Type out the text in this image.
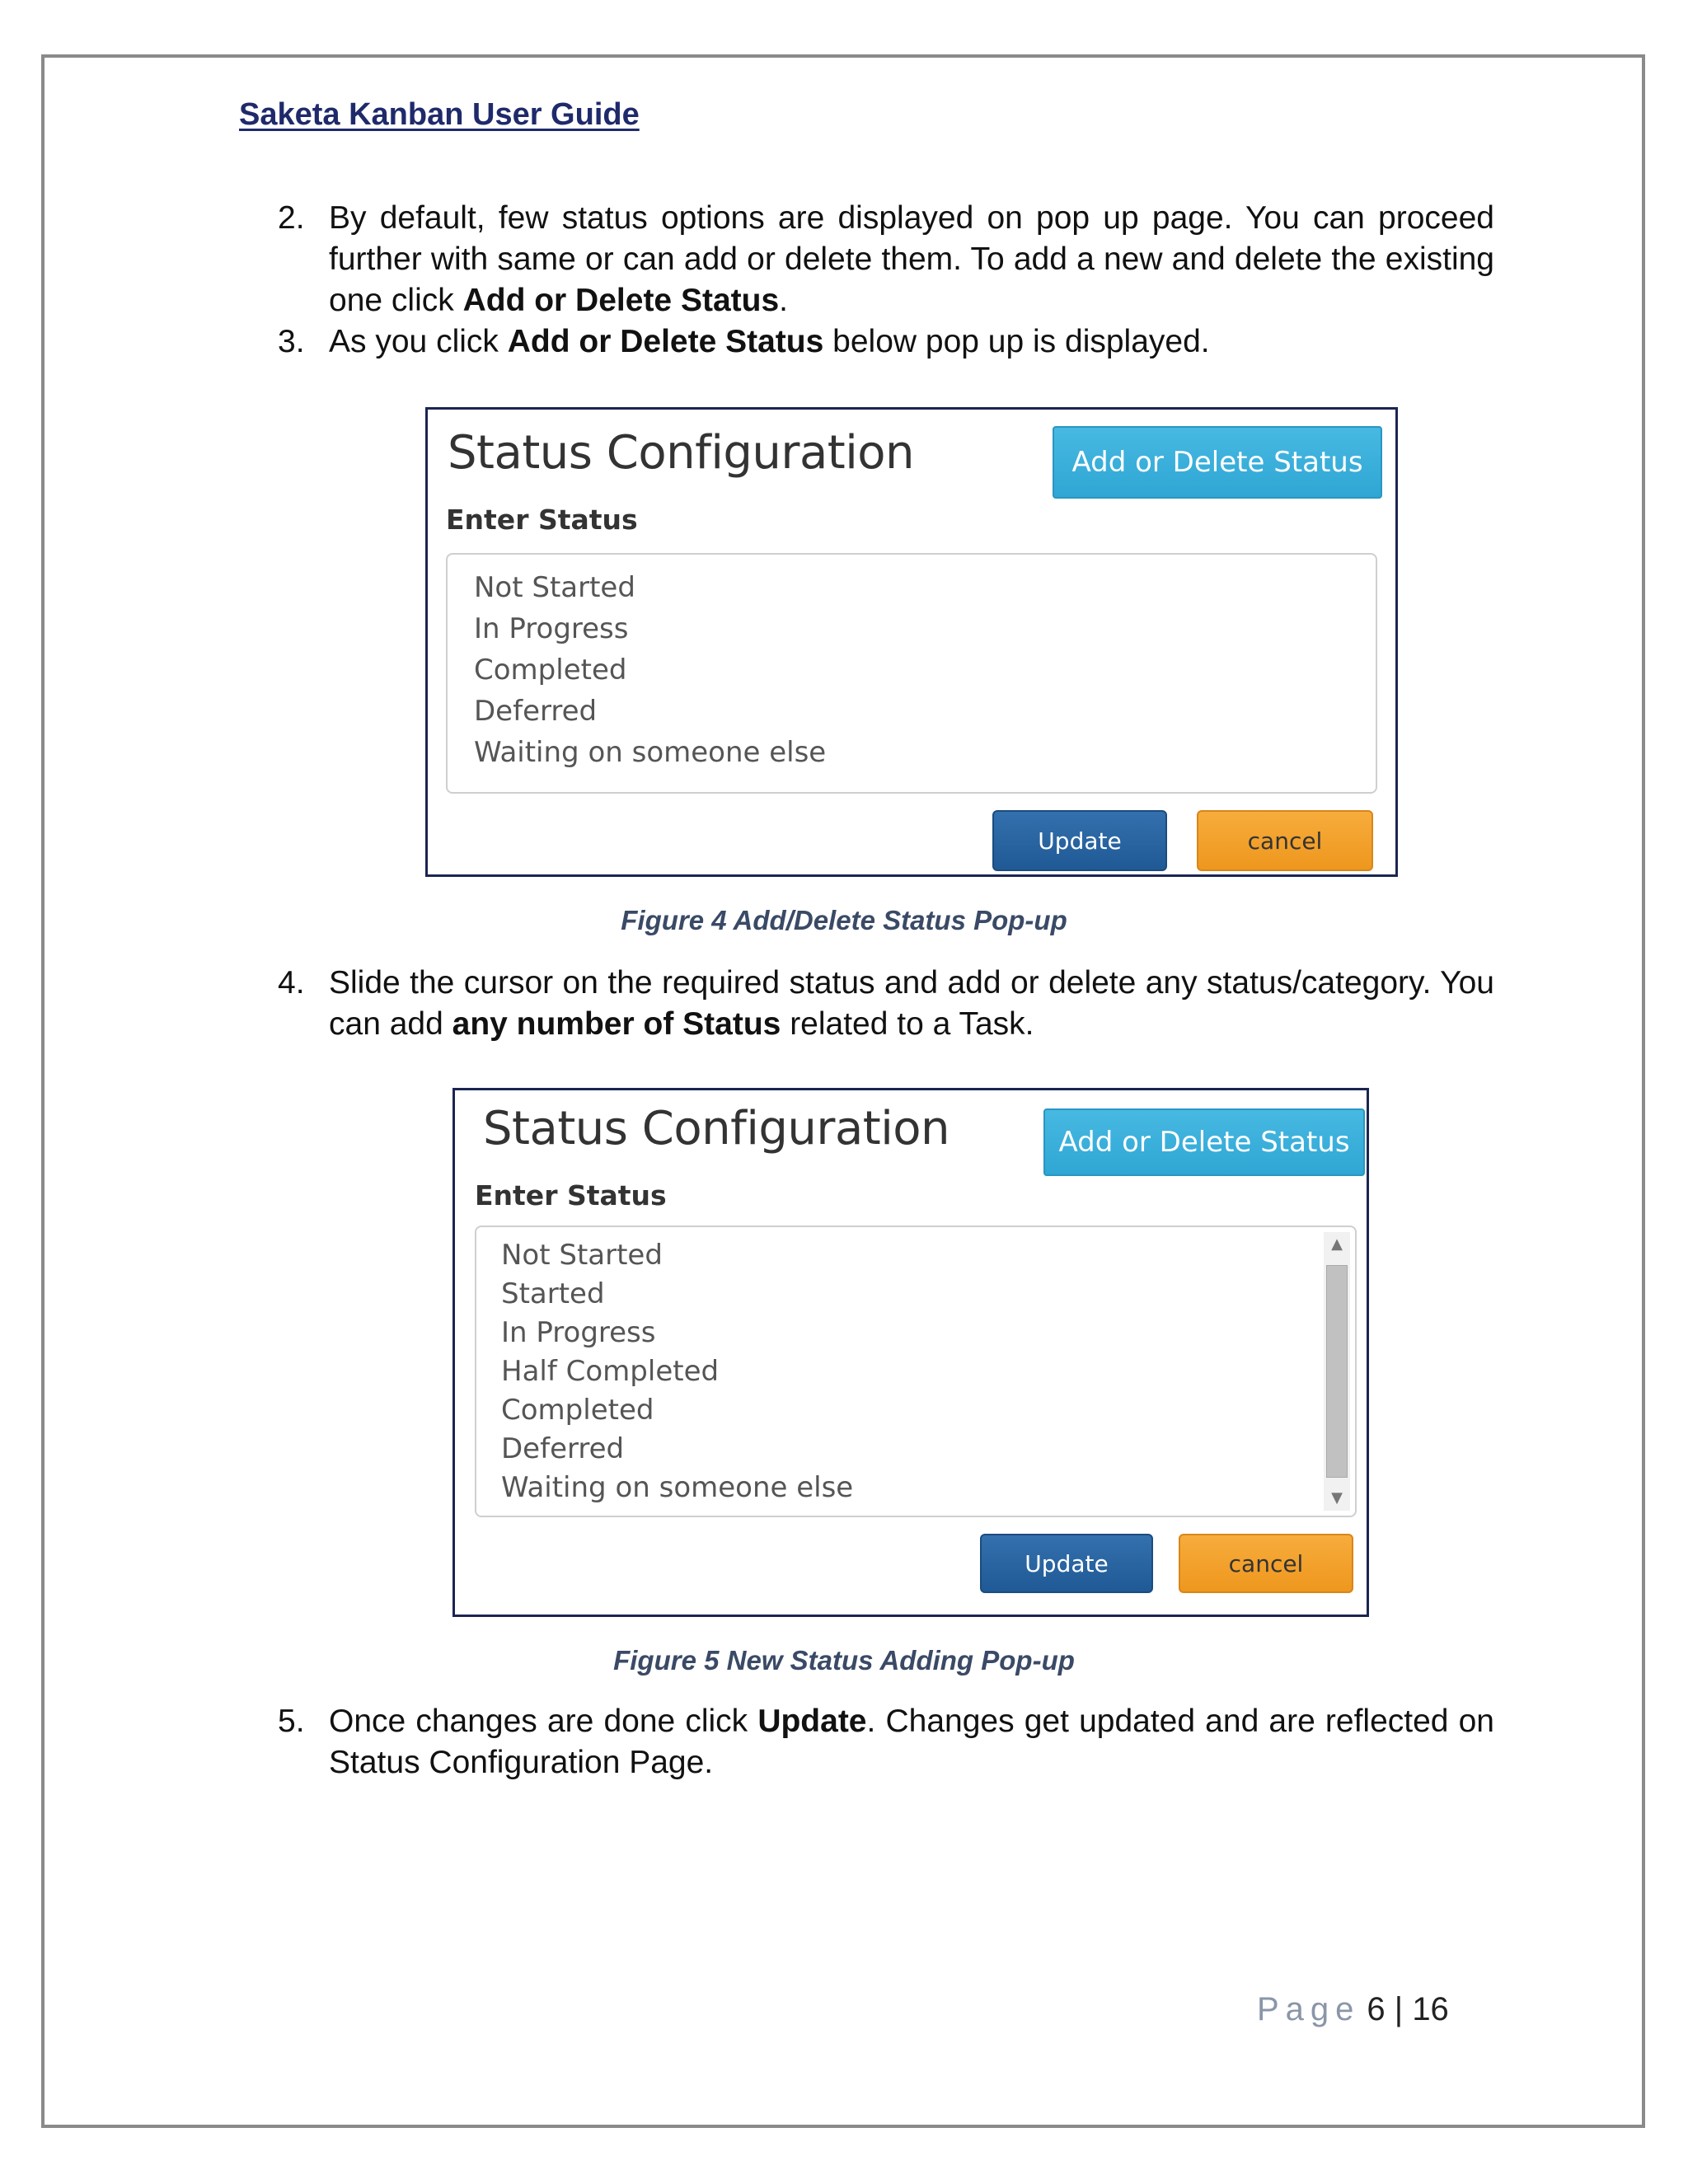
Saketa Kanban User Guide
2. By default, few status options are displayed on pop up page. You can proceed further with same or can add or delete them. To add a new and delete the existing one click Add or Delete Status.
3. As you click Add or Delete Status below pop up is displayed.
Status Configuration	Add or Delete Status
Enter Status
Not Started
In Progress
Completed
Deferred
Waiting on someone else
Update	cancel
Figure 4 Add/Delete Status Pop-up
4. Slide the cursor on the required status and add or delete any status/category. You can add any number of Status related to a Task.
Status Configuration	Add or Delete Status
Enter Status
Not Started
Started
In Progress
Half Completed
Completed
Deferred
Waiting on someone else
▲
▼
Update	cancel
Figure 5 New Status Adding Pop-up
5. Once changes are done click Update. Changes get updated and are reflected on Status Configuration Page.
Page 6 | 16
